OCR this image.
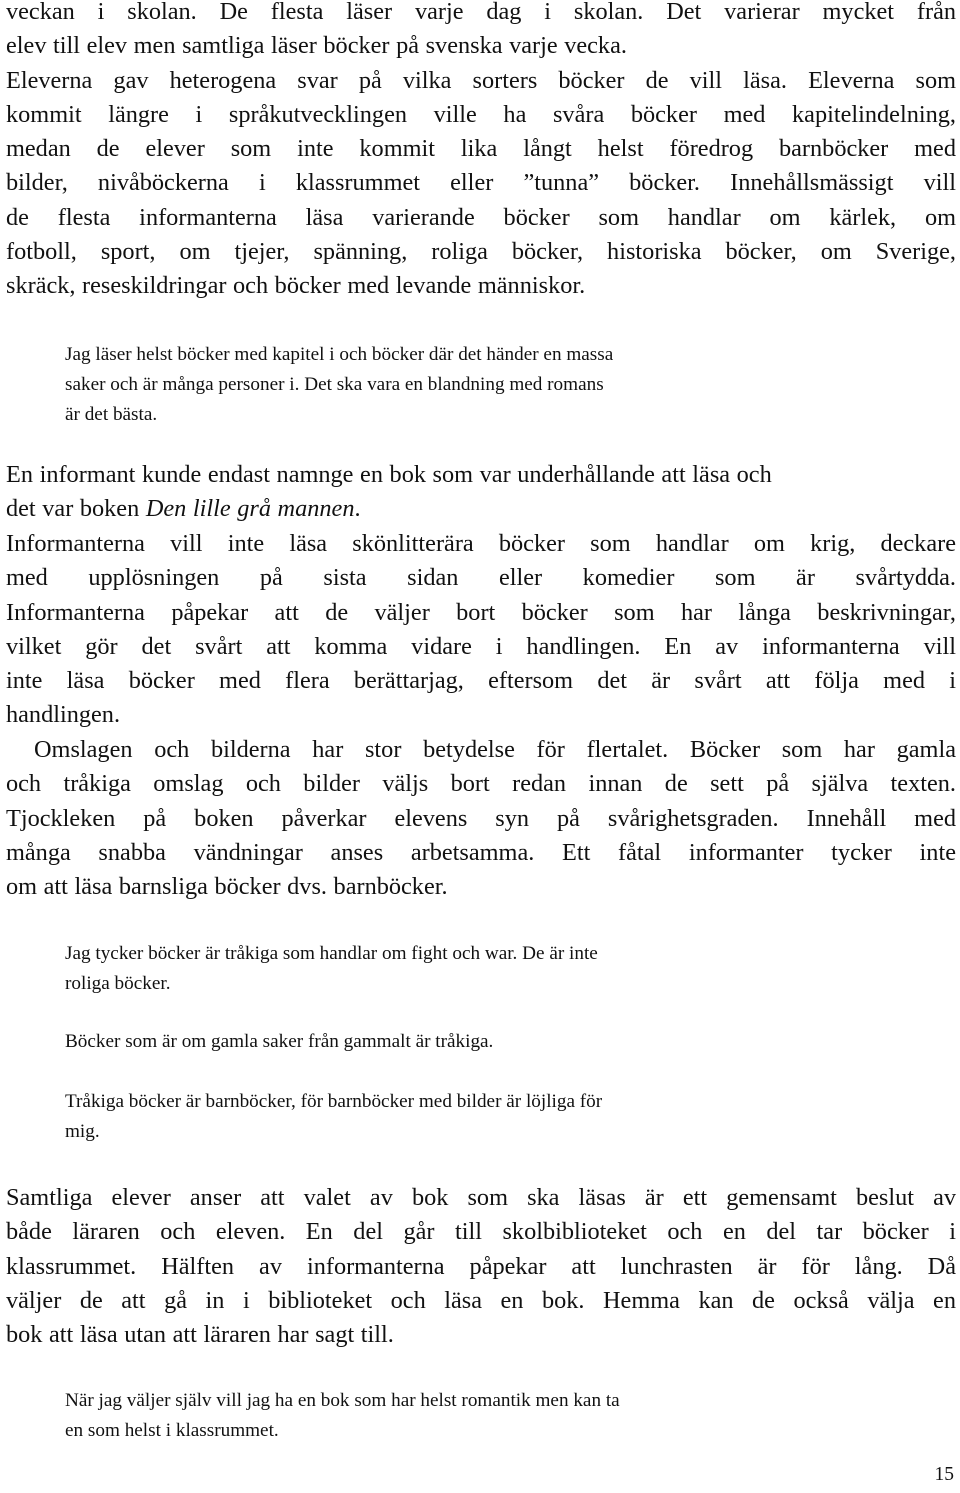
veckan i skolan. De flesta läser varje dag i skolan. Det varierar mycket från
elev till elev men samtliga läser böcker på svenska varje vecka.
Eleverna gav heterogena svar på vilka sorters böcker de vill läsa. Eleverna som
kommit längre i språkutvecklingen ville ha svåra böcker med kapitelindelning,
medan de elever som inte kommit lika långt helst föredrog barnböcker med
bilder, nivåböckerna i klassrummet eller ”tunna” böcker. Innehållsmässigt vill
de flesta informanterna läsa varierande böcker som handlar om kärlek, om
fotboll, sport, om tjejer, spänning, roliga böcker, historiska böcker, om Sverige,
skräck, reseskildringar och böcker med levande människor.
Jag läser helst böcker med kapitel i och böcker där det händer en massa
saker och är många personer i. Det ska vara en blandning med romans
är det bästa.
En informant kunde endast namnge en bok som var underhållande att läsa och
det var boken Den lille grå mannen.
Informanterna vill inte läsa skönlitterära böcker som handlar om krig, deckare
med upplösningen på sista sidan eller komedier som är svårtydda.
Informanterna påpekar att de väljer bort böcker som har långa beskrivningar,
vilket gör det svårt att komma vidare i handlingen. En av informanterna vill
inte läsa böcker med flera berättarjag, eftersom det är svårt att följa med i
handlingen.
Omslagen och bilderna har stor betydelse för flertalet. Böcker som har gamla
och tråkiga omslag och bilder väljs bort redan innan de sett på själva texten.
Tjockleken på boken påverkar elevens syn på svårighetsgraden. Innehåll med
många snabba vändningar anses arbetsamma. Ett fåtal informanter tycker inte
om att läsa barnsliga böcker dvs. barnböcker.
Jag tycker böcker är tråkiga som handlar om fight och war. De är inte
roliga böcker.
Böcker som är om gamla saker från gammalt är tråkiga.
Tråkiga böcker är barnböcker, för barnböcker med bilder är löjliga för
mig.
Samtliga elever anser att valet av bok som ska läsas är ett gemensamt beslut av
både läraren och eleven. En del går till skolbiblioteket och en del tar böcker i
klassrummet. Hälften av informanterna påpekar att lunchrasten är för lång. Då
väljer de att gå in i biblioteket och läsa en bok. Hemma kan de också välja en
bok att läsa utan att läraren har sagt till.
När jag väljer själv vill jag ha en bok som har helst romantik men kan ta
en som helst i klassrummet.
15
